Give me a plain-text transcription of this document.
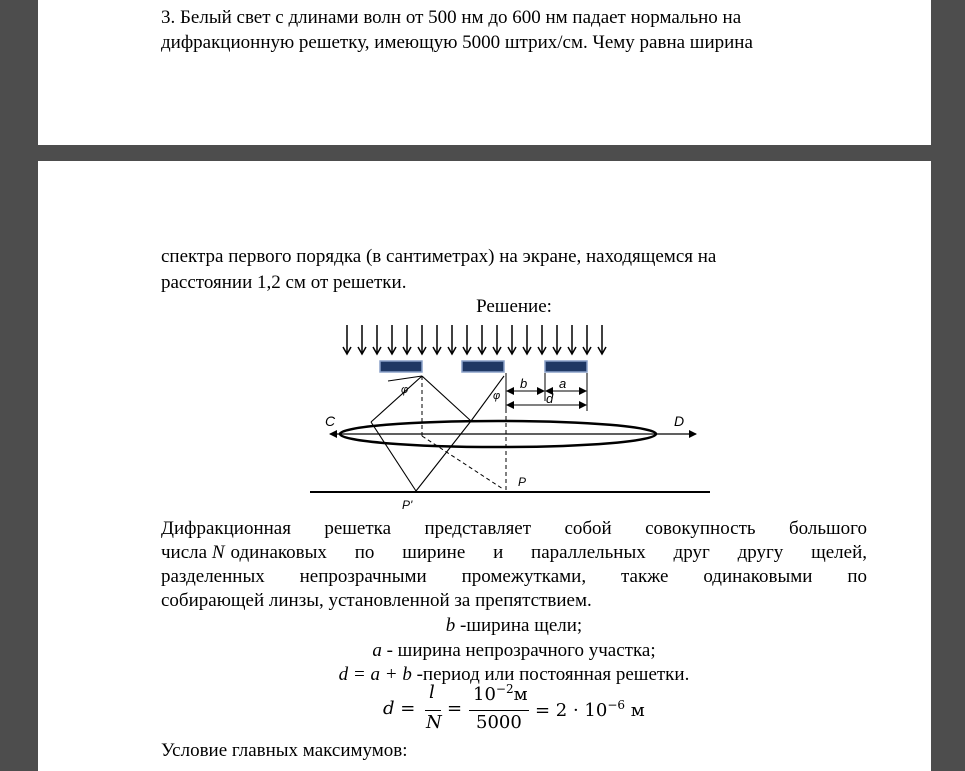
3. Белый свет с длинами волн от 500 нм до 600 нм падает нормально на
дифракционную решетку, имеющую 5000 штрих/см. Чему равна ширина
спектра первого порядка (в сантиметрах) на экране, находящемся на
расстоянии 1,2 см от решетки.
Решение:
b a
d
C	D
φ	φ
P'
P
Дифракционная решетка представляет собой совокупность большого
числа N одинаковых по ширине и параллельных друг другу щелей,
разделенных непрозрачными промежутками, также одинаковыми по
собирающей линзы, установленной за препятствием.
b -ширина щели;
a - ширина непрозрачного участка;
d = a + b -период или постоянная решетки.
d =
l
N
=
$10^{-2}м$
5000
= $2 \cdot 10^{-6}$ м
Условие главных максимумов:
